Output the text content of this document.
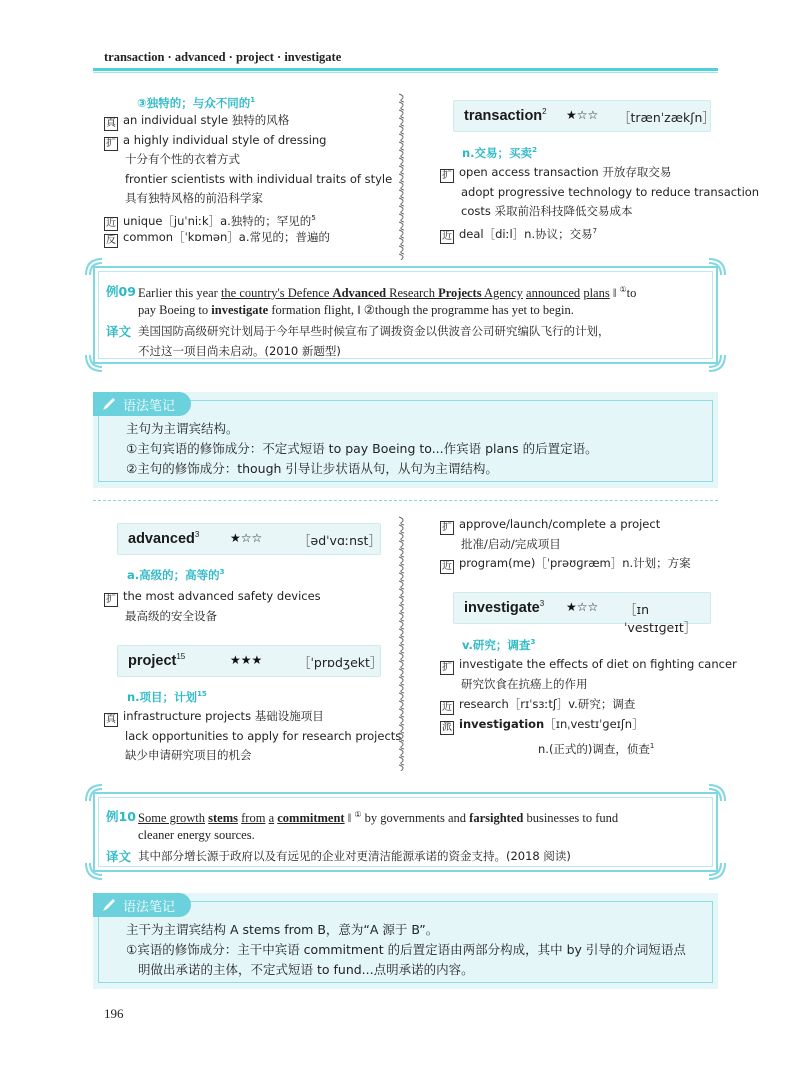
transaction · advanced · project · investigate
③独特的；与众不同的$^1$
真 an individual style 独特的风格
扩 a highly individual style of dressing
十分有个性的衣着方式
frontier scientists with individual traits of style
具有独特风格的前沿科学家
近 unique［juˈniːk］a.独特的；罕见的$^5$
反 common［ˈkɒmən］a.常见的；普遍的
transaction$^2$ ★☆☆ ［trænˈzækʃn］
n.交易；买卖$^2$
扩 open access transaction 开放存取交易
adopt progressive technology to reduce transaction
costs 采取前沿科技降低交易成本
近 deal［diːl］n.协议；交易$^7$
例09 Earlier this year the country's Defence Advanced Research Projects Agency announced plans ‖ ①to
pay Boeing to investigate formation flight, ‖ ②though the programme has yet to begin.
译文 美国国防高级研究计划局于今年早些时候宣布了调拨资金以供波音公司研究编队飞行的计划，
不过这一项目尚未启动。(2010 新题型)
语法笔记
主句为主谓宾结构。
①主句宾语的修饰成分：不定式短语 to pay Boeing to...作宾语 plans 的后置定语。
②主句的修饰成分：though 引导让步状语从句，从句为主谓结构。
advanced$^3$	★☆☆	［ədˈvɑːnst］
a.高级的；高等的$^3$
扩 the most advanced safety devices
最高级的安全设备
project$^{15}$	★★★	［ˈprɒdʒekt］
n.项目；计划$^{15}$
真 infrastructure projects 基础设施项目
lack opportunities to apply for research projects
缺少申请研究项目的机会
扩 approve/launch/complete a project
批准/启动/完成项目
近 program(me)［ˈprəʊɡræm］n.计划；方案
investigate$^3$ ★☆☆ ［ɪnˈvestɪɡeɪt］
v.研究；调查$^3$
扩 investigate the effects of diet on fighting cancer
研究饮食在抗癌上的作用
近 research［rɪˈsɜːtʃ］v.研究；调查
派 investigation［ɪnˌvestɪˈɡeɪʃn］
n.(正式的)调查，侦查$^1$
例10 Some growth stems from a commitment ‖ ① by governments and farsighted businesses to fund
cleaner energy sources.
译文 其中部分增长源于政府以及有远见的企业对更清洁能源承诺的资金支持。(2018 阅读)
语法笔记
主干为主谓宾结构 A stems from B，意为“A 源于 B”。
①宾语的修饰成分：主干中宾语 commitment 的后置定语由两部分构成，其中 by 引导的介词短语点
明做出承诺的主体，不定式短语 to fund...点明承诺的内容。
196
